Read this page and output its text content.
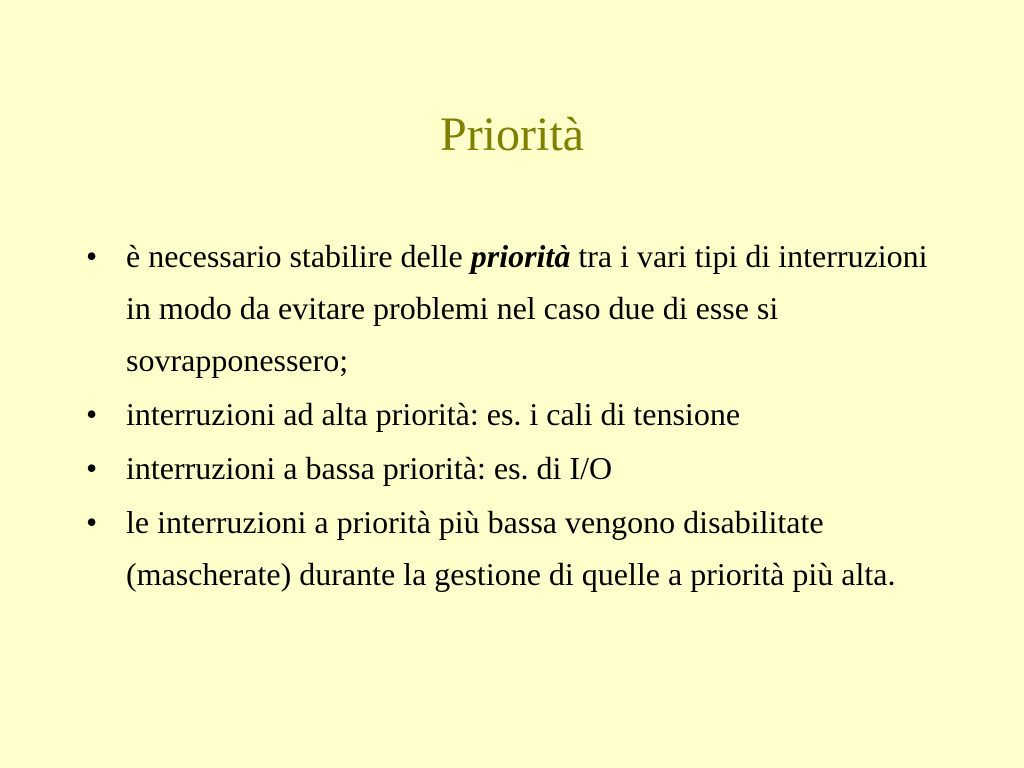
Priorità
• è necessario stabilire delle priorità tra i vari tipi di interruzioni in modo da evitare problemi nel caso due di esse si sovrapponessero;
• interruzioni ad alta priorità: es. i cali di tensione
• interruzioni a bassa priorità: es. di I/O
• le interruzioni a priorità più bassa vengono disabilitate (mascherate) durante la gestione di quelle a priorità più alta.
